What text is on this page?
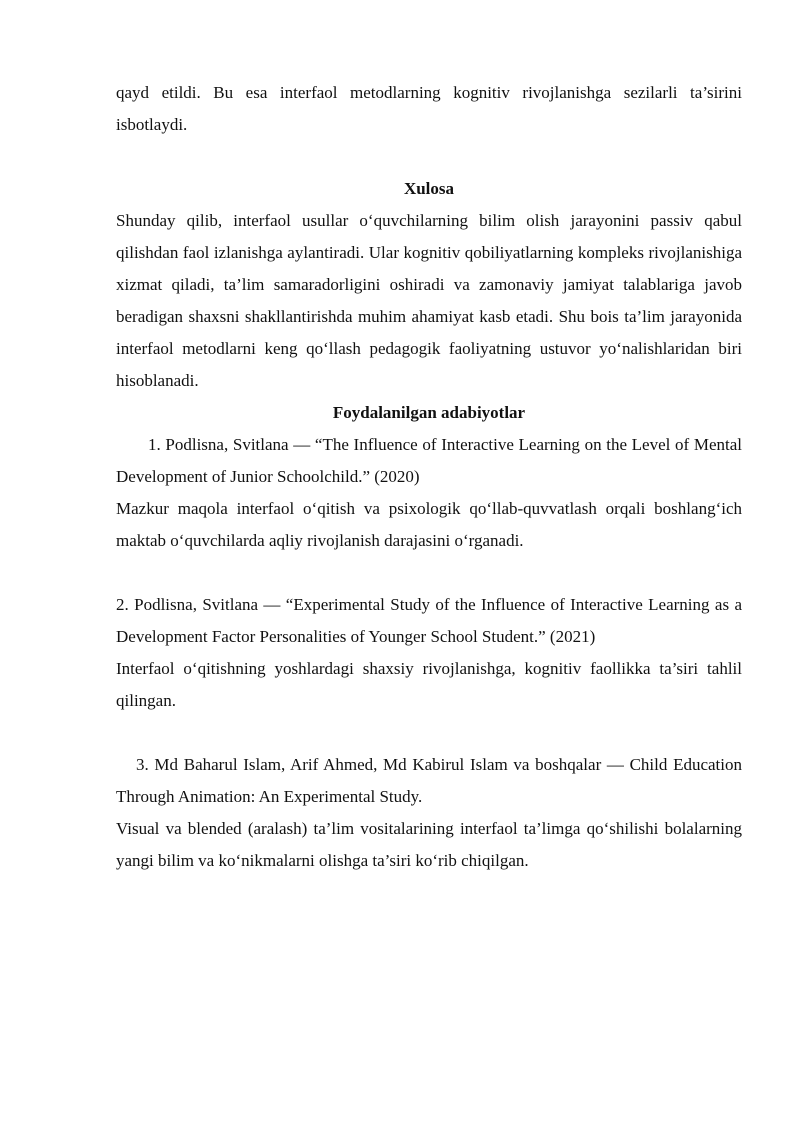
qayd etildi. Bu esa interfaol metodlarning kognitiv rivojlanishga sezilarli ta’sirini isbotlaydi.

Xulosa

Shunday qilib, interfaol usullar o‘quvchilarning bilim olish jarayonini passiv qabul qilishdan faol izlanishga aylantiradi. Ular kognitiv qobiliyatlarning kompleks rivojlanishiga xizmat qiladi, ta’lim samaradorligini oshiradi va zamonaviy jamiyat talablariga javob beradigan shaxsni shakllantirishda muhim ahamiyat kasb etadi. Shu bois ta’lim jarayonida interfaol metodlarni keng qo‘llash pedagogik faoliyatning ustuvor yo‘nalishlaridan biri hisoblanadi.

Foydalanilgan adabiyotlar

1. Podlisna, Svitlana — “The Influence of Interactive Learning on the Level of Mental Development of Junior Schoolchild.” (2020)

Mazkur maqola interfaol o‘qitish va psixologik qo‘llab-quvvatlash orqali boshlang‘ich maktab o‘quvchilarda aqliy rivojlanish darajasini o‘rganadi.

2. Podlisna, Svitlana — “Experimental Study of the Influence of Interactive Learning as a Development Factor Personalities of Younger School Student.” (2021)

Interfaol o‘qitishning yoshlardagi shaxsiy rivojlanishga, kognitiv faollikka ta’siri tahlil qilingan.

3. Md Baharul Islam, Arif Ahmed, Md Kabirul Islam va boshqalar — Child Education Through Animation: An Experimental Study.

Visual va blended (aralash) ta’lim vositalarining interfaol ta’limga qo‘shilishi bolalarning yangi bilim va ko‘nikmalarni olishga ta’siri ko‘rib chiqilgan.
